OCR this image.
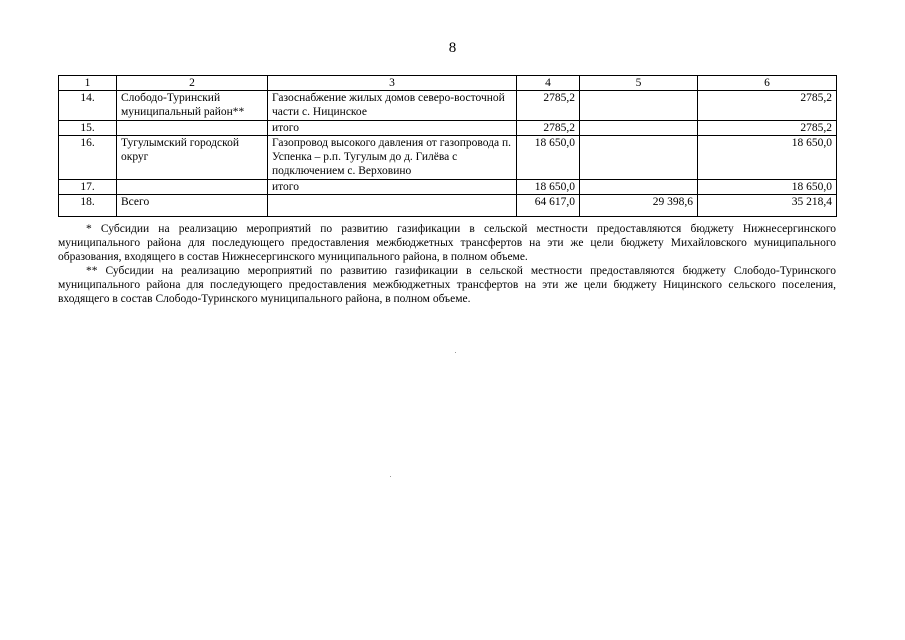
8
1	2	3	4	5	6
14.	Слободо-Туринский муниципальный район**	Газоснабжение жилых домов северо-восточной части с. Ницинское	2785,2		2785,2
15.		итого	2785,2		2785,2
16.	Тугулымский городской округ	Газопровод высокого давления от газопровода п. Успенка – р.п. Тугулым до д. Гилёва с подключением с. Верховино	18 650,0		18 650,0
17.		итого	18 650,0		18 650,0
18.	Всего		64 617,0	29 398,6	35 218,4

* Субсидии на реализацию мероприятий по развитию газификации в сельской местности предоставляются бюджету Нижнесергинского муниципального района для последующего предоставления межбюджетных трансфертов на эти же цели бюджету Михайловского муниципального образования, входящего в состав Нижнесергинского муниципального района, в полном объеме.

** Субсидии на реализацию мероприятий по развитию газификации в сельской местности предоставляются бюджету Слободо-Туринского муниципального района для последующего предоставления межбюджетных трансфертов на эти же цели бюджету Ницинского сельского поселения, входящего в состав Слободо-Туринского муниципального района, в полном объеме.
